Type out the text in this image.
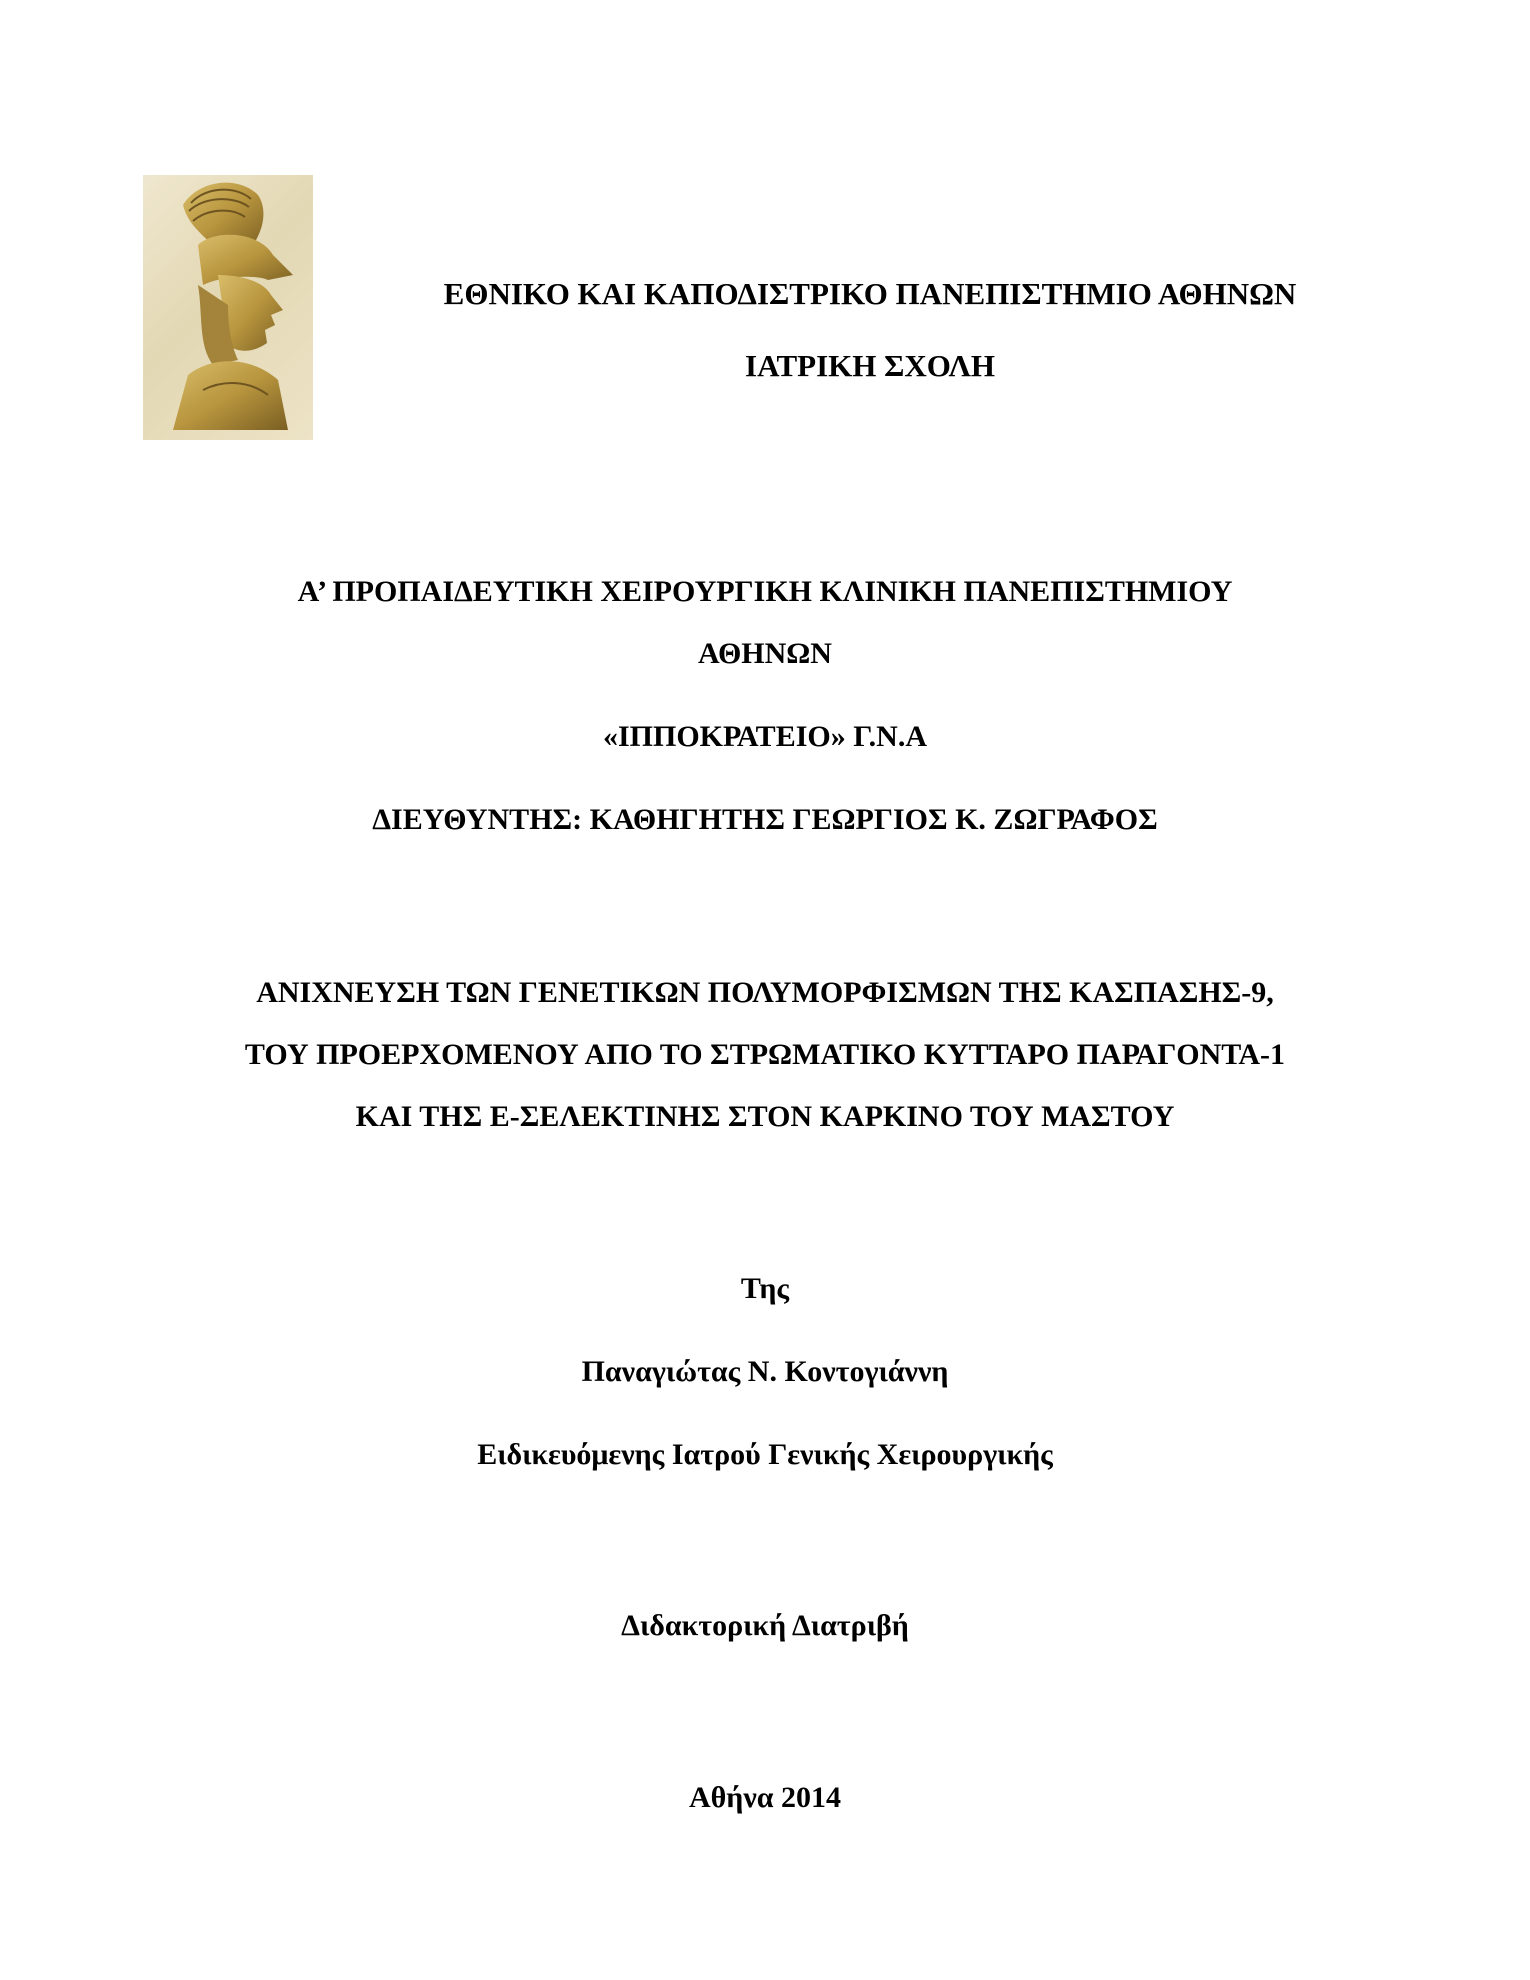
ΕΘΝΙΚΟ ΚΑΙ ΚΑΠΟΔΙΣΤΡΙΚΟ ΠΑΝΕΠΙΣΤΗΜΙΟ ΑΘΗΝΩΝ
ΙΑΤΡΙΚΗ ΣΧΟΛΗ
Α’ ΠΡΟΠΑΙΔΕΥΤΙΚΗ ΧΕΙΡΟΥΡΓΙΚΗ ΚΛΙΝΙΚΗ ΠΑΝΕΠΙΣΤΗΜΙΟΥ
ΑΘΗΝΩΝ
«ΙΠΠΟΚΡΑΤΕΙΟ» Γ.Ν.Α
ΔΙΕΥΘΥΝΤΗΣ: ΚΑΘΗΓΗΤΗΣ ΓΕΩΡΓΙΟΣ Κ. ΖΩΓΡΑΦΟΣ
ΑΝΙΧΝΕΥΣΗ ΤΩΝ ΓΕΝΕΤΙΚΩΝ ΠΟΛΥΜΟΡΦΙΣΜΩΝ ΤΗΣ ΚΑΣΠΑΣΗΣ-9,
ΤΟΥ ΠΡΟΕΡΧΟΜΕΝΟΥ ΑΠΟ ΤΟ ΣΤΡΩΜΑΤΙΚΟ ΚΥΤΤΑΡΟ ΠΑΡΑΓΟΝΤΑ-1
ΚΑΙ ΤΗΣ Ε-ΣΕΛΕΚΤΙΝΗΣ ΣΤΟΝ ΚΑΡΚΙΝΟ ΤΟΥ ΜΑΣΤΟΥ
Της
Παναγιώτας Ν. Κοντογιάννη
Ειδικευόμενης Ιατρού Γενικής Χειρουργικής
Διδακτορική Διατριβή
Αθήνα 2014
